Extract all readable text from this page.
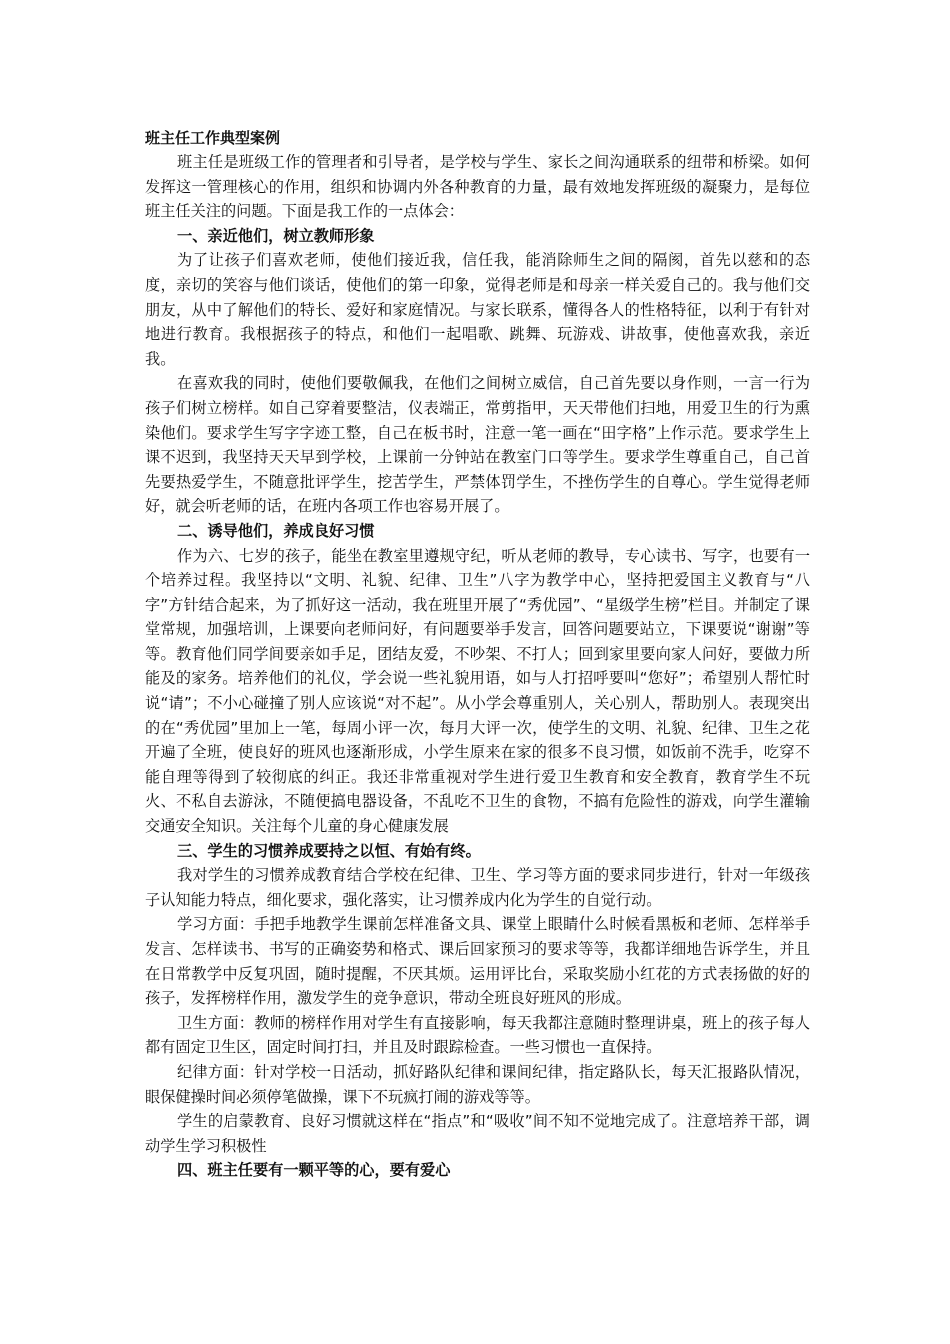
班主任工作典型案例

班主任是班级工作的管理者和引导者，是学校与学生、家长之间沟通联系的纽带和桥梁。如何发挥这一管理核心的作用，组织和协调内外各种教育的力量，最有效地发挥班级的凝聚力，是每位班主任关注的问题。下面是我工作的一点体会：

一、亲近他们，树立教师形象

为了让孩子们喜欢老师，使他们接近我，信任我，能消除师生之间的隔阂，首先以慈和的态度，亲切的笑容与他们谈话，使他们的第一印象，觉得老师是和母亲一样关爱自己的。我与他们交朋友，从中了解他们的特长、爱好和家庭情况。与家长联系，懂得各人的性格特征，以利于有针对地进行教育。我根据孩子的特点，和他们一起唱歌、跳舞、玩游戏、讲故事，使他喜欢我，亲近我。

在喜欢我的同时，使他们要敬佩我，在他们之间树立威信，自己首先要以身作则，一言一行为孩子们树立榜样。如自己穿着要整洁，仪表端正，常剪指甲，天天带他们扫地，用爱卫生的行为熏染他们。要求学生写字字迹工整，自己在板书时，注意一笔一画在“田字格”上作示范。要求学生上课不迟到，我坚持天天早到学校，上课前一分钟站在教室门口等学生。要求学生尊重自己，自己首先要热爱学生，不随意批评学生，挖苦学生，严禁体罚学生，不挫伤学生的自尊心。学生觉得老师好，就会听老师的话，在班内各项工作也容易开展了。

二、诱导他们，养成良好习惯

作为六、七岁的孩子，能坐在教室里遵规守纪，听从老师的教导，专心读书、写字，也要有一个培养过程。我坚持以“文明、礼貌、纪律、卫生”八字为教学中心，坚持把爱国主义教育与“八字”方针结合起来，为了抓好这一活动，我在班里开展了“秀优园”、“星级学生榜”栏目。并制定了课堂常规，加强培训，上课要向老师问好，有问题要举手发言，回答问题要站立，下课要说“谢谢”等等。教育他们同学间要亲如手足，团结友爱，不吵架、不打人；回到家里要向家人问好，要做力所能及的家务。培养他们的礼仪，学会说一些礼貌用语，如与人打招呼要叫“您好”；希望别人帮忙时说“请”；不小心碰撞了别人应该说“对不起”。从小学会尊重别人，关心别人，帮助别人。表现突出的在“秀优园”里加上一笔，每周小评一次，每月大评一次，使学生的文明、礼貌、纪律、卫生之花开遍了全班，使良好的班风也逐渐形成，小学生原来在家的很多不良习惯，如饭前不洗手，吃穿不能自理等得到了较彻底的纠正。我还非常重视对学生进行爱卫生教育和安全教育，教育学生不玩火、不私自去游泳，不随便搞电器设备，不乱吃不卫生的食物，不搞有危险性的游戏，向学生灌输交通安全知识。关注每个儿童的身心健康发展

三、学生的习惯养成要持之以恒、有始有终。

我对学生的习惯养成教育结合学校在纪律、卫生、学习等方面的要求同步进行，针对一年级孩子认知能力特点，细化要求，强化落实，让习惯养成内化为学生的自觉行动。

学习方面：手把手地教学生课前怎样准备文具、课堂上眼睛什么时候看黑板和老师、怎样举手发言、怎样读书、书写的正确姿势和格式、课后回家预习的要求等等，我都详细地告诉学生，并且在日常教学中反复巩固，随时提醒，不厌其烦。运用评比台，采取奖励小红花的方式表扬做的好的孩子，发挥榜样作用，激发学生的竞争意识，带动全班良好班风的形成。

卫生方面：教师的榜样作用对学生有直接影响，每天我都注意随时整理讲桌，班上的孩子每人都有固定卫生区，固定时间打扫，并且及时跟踪检查。一些习惯也一直保持。

纪律方面：针对学校一日活动，抓好路队纪律和课间纪律，指定路队长，每天汇报路队情况，眼保健操时间必须停笔做操，课下不玩疯打闹的游戏等等。

学生的启蒙教育、良好习惯就这样在“指点”和“吸收”间不知不觉地完成了。注意培养干部，调动学生学习积极性

四、班主任要有一颗平等的心，要有爱心
